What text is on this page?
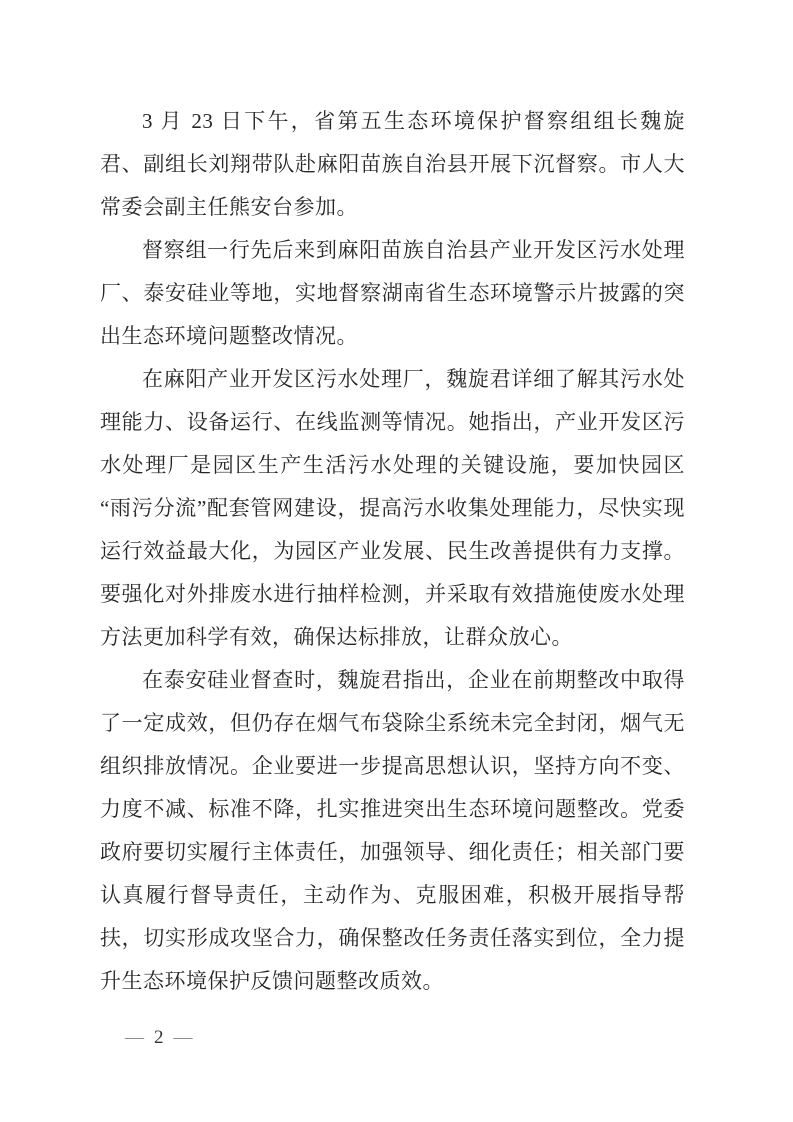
3 月 23 日下午，省第五生态环境保护督察组组长魏旋君、副组长刘翔带队赴麻阳苗族自治县开展下沉督察。市人大常委会副主任熊安台参加。

督察组一行先后来到麻阳苗族自治县产业开发区污水处理厂、泰安硅业等地，实地督察湖南省生态环境警示片披露的突出生态环境问题整改情况。

在麻阳产业开发区污水处理厂，魏旋君详细了解其污水处理能力、设备运行、在线监测等情况。她指出，产业开发区污水处理厂是园区生产生活污水处理的关键设施，要加快园区“雨污分流”配套管网建设，提高污水收集处理能力，尽快实现运行效益最大化，为园区产业发展、民生改善提供有力支撑。要强化对外排废水进行抽样检测，并采取有效措施使废水处理方法更加科学有效，确保达标排放，让群众放心。

在泰安硅业督查时，魏旋君指出，企业在前期整改中取得了一定成效，但仍存在烟气布袋除尘系统未完全封闭，烟气无组织排放情况。企业要进一步提高思想认识，坚持方向不变、力度不减、标准不降，扎实推进突出生态环境问题整改。党委政府要切实履行主体责任，加强领导、细化责任；相关部门要认真履行督导责任，主动作为、克服困难，积极开展指导帮扶，切实形成攻坚合力，确保整改任务责任落实到位，全力提升生态环境保护反馈问题整改质效。

— 2 —
